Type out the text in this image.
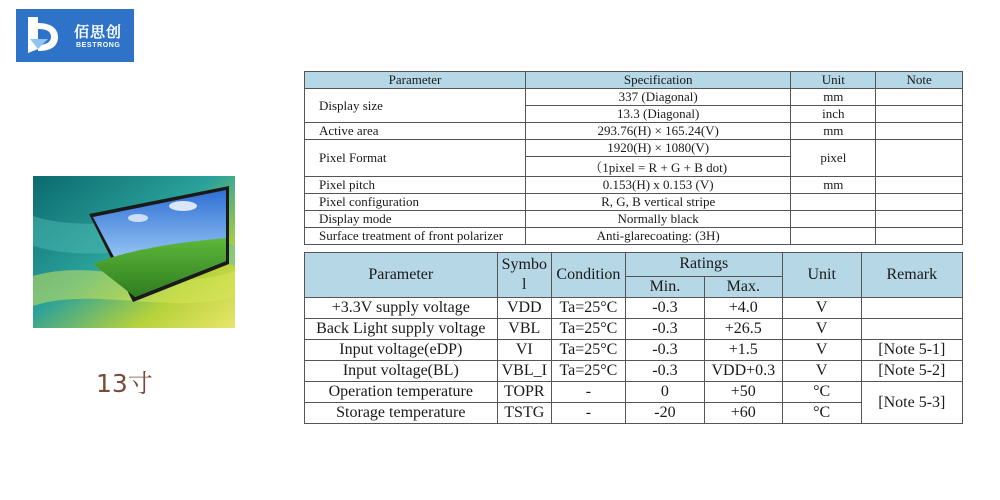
佰思创
BESTRONG
13寸
Parameter	Specification	Unit	Note
Display size	337 (Diagonal)	mm	
	13.3 (Diagonal)	inch	
Active area	293.76(H) × 165.24(V)	mm	
Pixel Format	1920(H) × 1080(V)	pixel	
	（1pixel = R + G + B dot)		
Pixel pitch	0.153(H) x 0.153 (V)	mm	
Pixel configuration	R, G, B vertical stripe		
Display mode	Normally black		
Surface treatment of front polarizer	Anti-glarecoating: (3H)		
Parameter	Symbo l	Condition	Ratings		Unit	Remark
			Min.	Max.		
+3.3V supply voltage	VDD	Ta=25°C	-0.3	+4.0	V	
Back Light supply voltage	VBL	Ta=25°C	-0.3	+26.5	V	
Input voltage(eDP)	VI	Ta=25°C	-0.3	+1.5	V	[Note 5-1]
Input voltage(BL)	VBL_I	Ta=25°C	-0.3	VDD+0.3	V	[Note 5-2]
Operation temperature	TOPR	-	0	+50	°C	[Note 5-3]
Storage temperature	TSTG	-	-20	+60	°C	
